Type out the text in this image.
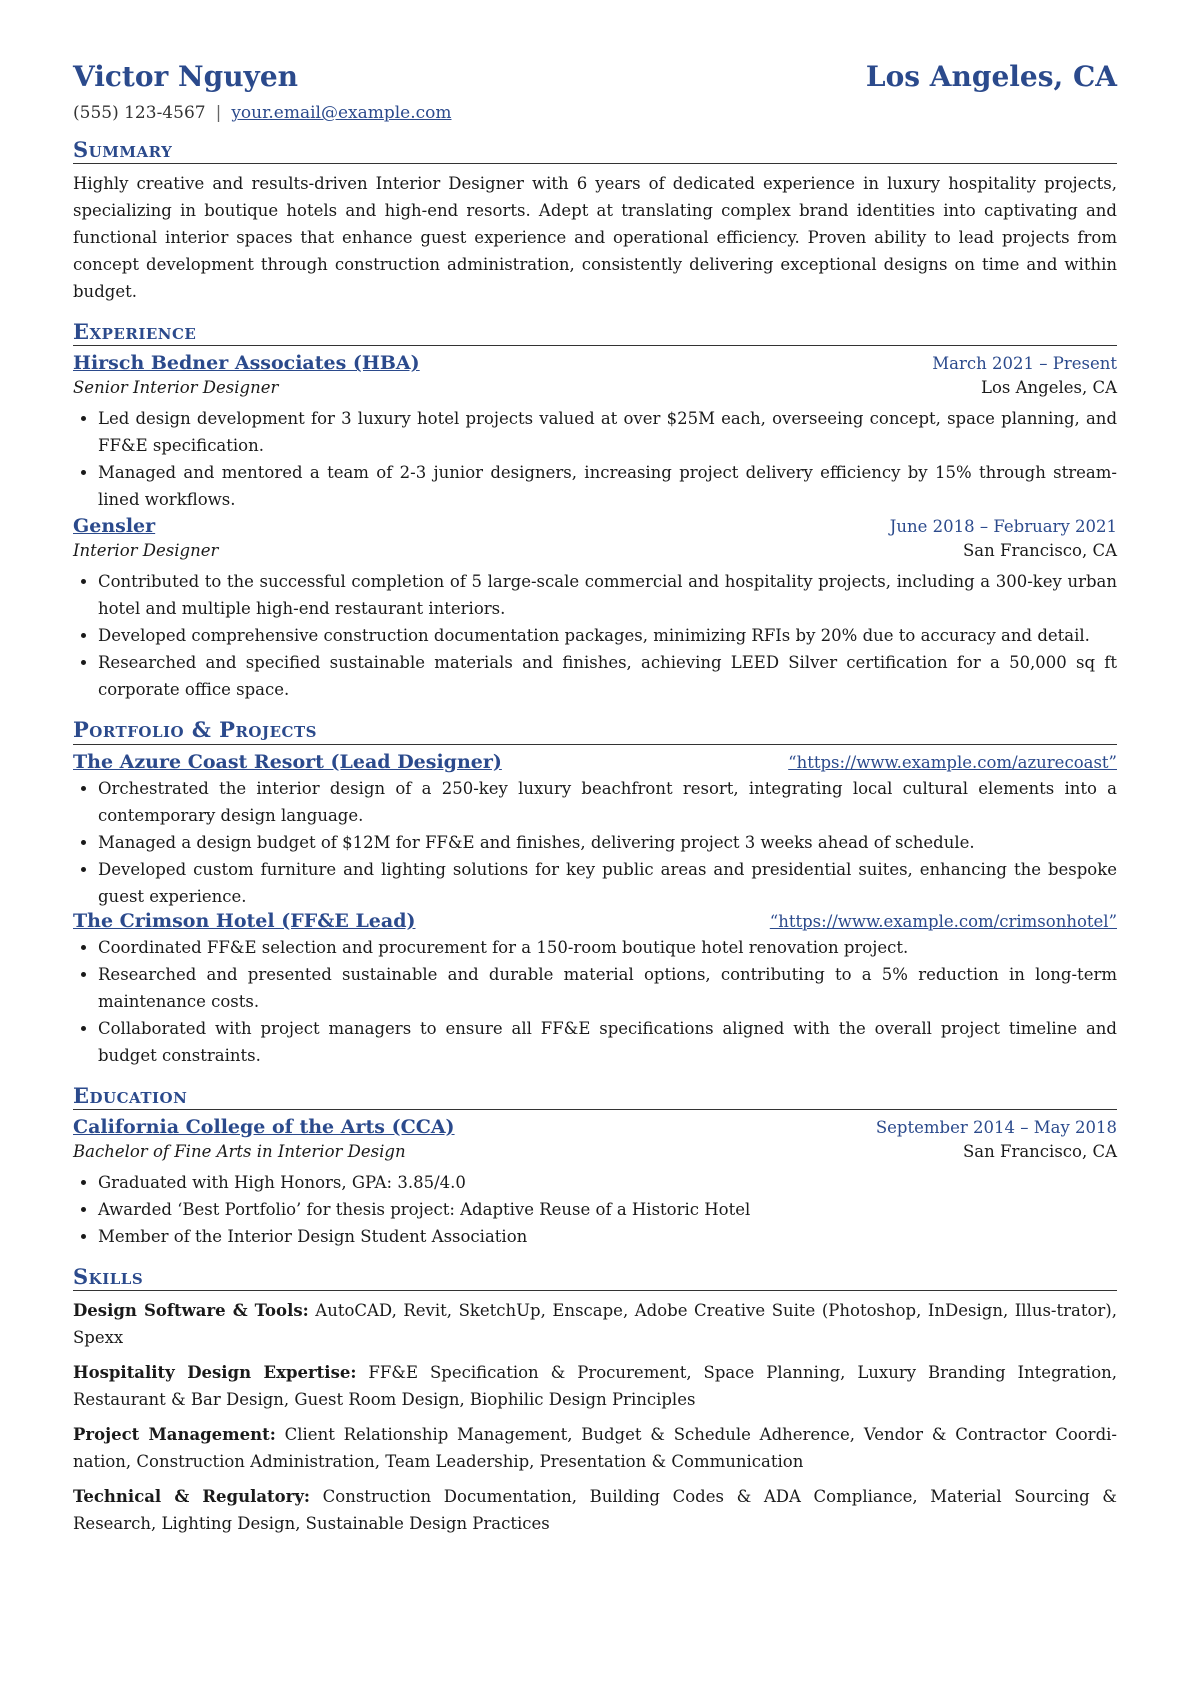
Victor Nguyen	Los Angeles, CA
(555) 123-4567 | your.email@example.com
Summary

Highly creative and results-driven Interior Designer with 6 years of dedicated experience in luxury hospitality projects, specializing in boutique hotels and high-end resorts. Adept at translating complex brand identities into captivating and functional interior spaces that enhance guest experience and operational efficiency. Proven ability to lead projects from concept development through construction administration, consistently delivering exceptional designs on time and within budget.

Experience
Hirsch Bedner Associates (HBA)	March 2021 – Present
Senior Interior Designer	Los Angeles, CA
• Led design development for 3 luxury hotel projects valued at over $25M each, overseeing concept, space planning, and FF&E specification.
• Managed and mentored a team of 2-3 junior designers, increasing project delivery efficiency by 15% through stream-lined workflows.
Gensler	June 2018 – February 2021
Interior Designer	San Francisco, CA
• Contributed to the successful completion of 5 large-scale commercial and hospitality projects, including a 300-key urban hotel and multiple high-end restaurant interiors.
• Developed comprehensive construction documentation packages, minimizing RFIs by 20% due to accuracy and detail.
• Researched and specified sustainable materials and finishes, achieving LEED Silver certification for a 50,000 sq ft corporate office space.
Portfolio & Projects
The Azure Coast Resort (Lead Designer)	“https://www.example.com/azurecoast”
• Orchestrated the interior design of a 250-key luxury beachfront resort, integrating local cultural elements into a contemporary design language.
• Managed a design budget of $12M for FF&E and finishes, delivering project 3 weeks ahead of schedule.
• Developed custom furniture and lighting solutions for key public areas and presidential suites, enhancing the bespoke guest experience.
The Crimson Hotel (FF&E Lead)	“https://www.example.com/crimsonhotel”
• Coordinated FF&E selection and procurement for a 150-room boutique hotel renovation project.
• Researched and presented sustainable and durable material options, contributing to a 5% reduction in long-term maintenance costs.
• Collaborated with project managers to ensure all FF&E specifications aligned with the overall project timeline and budget constraints.
Education
California College of the Arts (CCA)	September 2014 – May 2018
Bachelor of Fine Arts in Interior Design	San Francisco, CA
• Graduated with High Honors, GPA: 3.85/4.0
• Awarded ‘Best Portfolio’ for thesis project: Adaptive Reuse of a Historic Hotel
• Member of the Interior Design Student Association
Skills
Design Software & Tools: AutoCAD, Revit, SketchUp, Enscape, Adobe Creative Suite (Photoshop, InDesign, Illus-trator), Spexx
Hospitality Design Expertise: FF&E Specification & Procurement, Space Planning, Luxury Branding Integration, Restaurant & Bar Design, Guest Room Design, Biophilic Design Principles
Project Management: Client Relationship Management, Budget & Schedule Adherence, Vendor & Contractor Coordi-nation, Construction Administration, Team Leadership, Presentation & Communication
Technical & Regulatory: Construction Documentation, Building Codes & ADA Compliance, Material Sourcing & Research, Lighting Design, Sustainable Design Practices
